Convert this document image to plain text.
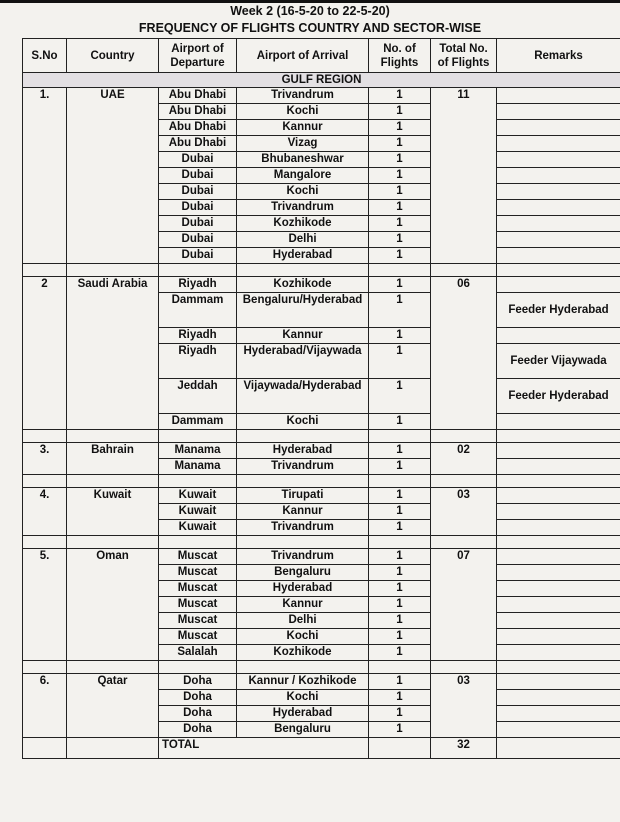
Week 2 (16-5-20 to 22-5-20)
FREQUENCY OF FLIGHTS COUNTRY AND SECTOR-WISE
S.No	Country	Airport of Departure	Airport of Arrival	No. of Flights	Total No. of Flights	Remarks
GULF REGION						
1.	UAE	Abu Dhabi	Trivandrum	1	11	
		Abu Dhabi	Kochi	1		
		Abu Dhabi	Kannur	1		
		Abu Dhabi	Vizag	1		
		Dubai	Bhubaneshwar	1		
		Dubai	Mangalore	1		
		Dubai	Kochi	1		
		Dubai	Trivandrum	1		
		Dubai	Kozhikode	1		
		Dubai	Delhi	1		
		Dubai	Hyderabad	1		

2	Saudi Arabia	Riyadh	Kozhikode	1	06	
		Dammam	Bengaluru/Hyderabad	1		Feeder Hyderabad
		Riyadh	Kannur	1		
		Riyadh	Hyderabad/Vijaywada	1		Feeder Vijaywada
		Jeddah	Vijaywada/Hyderabad	1		Feeder Hyderabad
		Dammam	Kochi	1		

3.	Bahrain	Manama	Hyderabad	1	02	
		Manama	Trivandrum	1		

4.	Kuwait	Kuwait	Tirupati	1	03	
		Kuwait	Kannur	1		
		Kuwait	Trivandrum	1		

5.	Oman	Muscat	Trivandrum	1	07	
		Muscat	Bengaluru	1		
		Muscat	Hyderabad	1		
		Muscat	Kannur	1		
		Muscat	Delhi	1		
		Muscat	Kochi	1		
		Salalah	Kozhikode	1		

6.	Qatar	Doha	Kannur / Kozhikode	1	03	
		Doha	Kochi	1		
		Doha	Hyderabad	1		
		Doha	Bengaluru	1		
		TOTAL			32	
